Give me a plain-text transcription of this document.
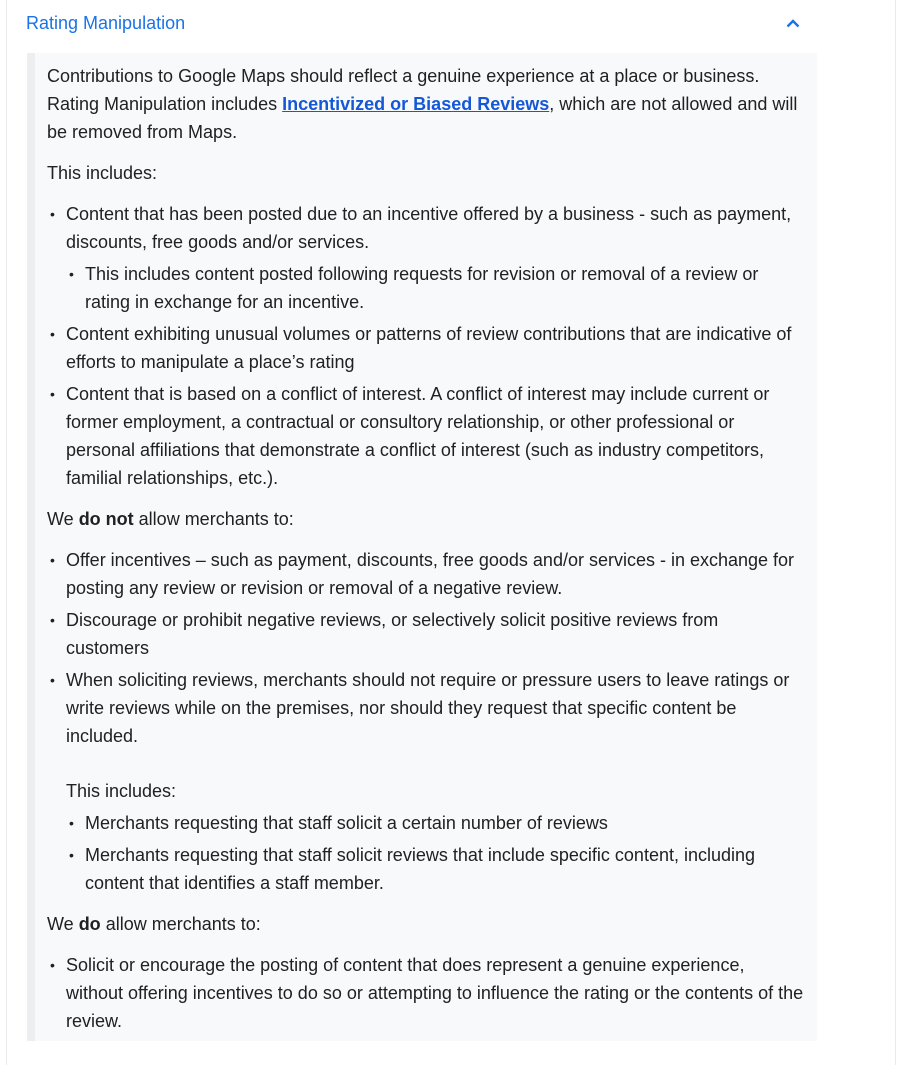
Rating Manipulation

Contributions to Google Maps should reflect a genuine experience at a place or business. Rating Manipulation includes Incentivized or Biased Reviews, which are not allowed and will be removed from Maps.

This includes:

• Content that has been posted due to an incentive offered by a business - such as payment, discounts, free goods and/or services.
• This includes content posted following requests for revision or removal of a review or rating in exchange for an incentive.
• Content exhibiting unusual volumes or patterns of review contributions that are indicative of efforts to manipulate a place’s rating
• Content that is based on a conflict of interest. A conflict of interest may include current or former employment, a contractual or consultory relationship, or other professional or personal affiliations that demonstrate a conflict of interest (such as industry competitors, familial relationships, etc.).

We do not allow merchants to:

• Offer incentives – such as payment, discounts, free goods and/or services - in exchange for posting any review or revision or removal of a negative review.
• Discourage or prohibit negative reviews, or selectively solicit positive reviews from customers
• When soliciting reviews, merchants should not require or pressure users to leave ratings or write reviews while on the premises, nor should they request that specific content be included.

This includes:

• Merchants requesting that staff solicit a certain number of reviews
• Merchants requesting that staff solicit reviews that include specific content, including content that identifies a staff member.

We do allow merchants to:

• Solicit or encourage the posting of content that does represent a genuine experience, without offering incentives to do so or attempting to influence the rating or the contents of the review.
